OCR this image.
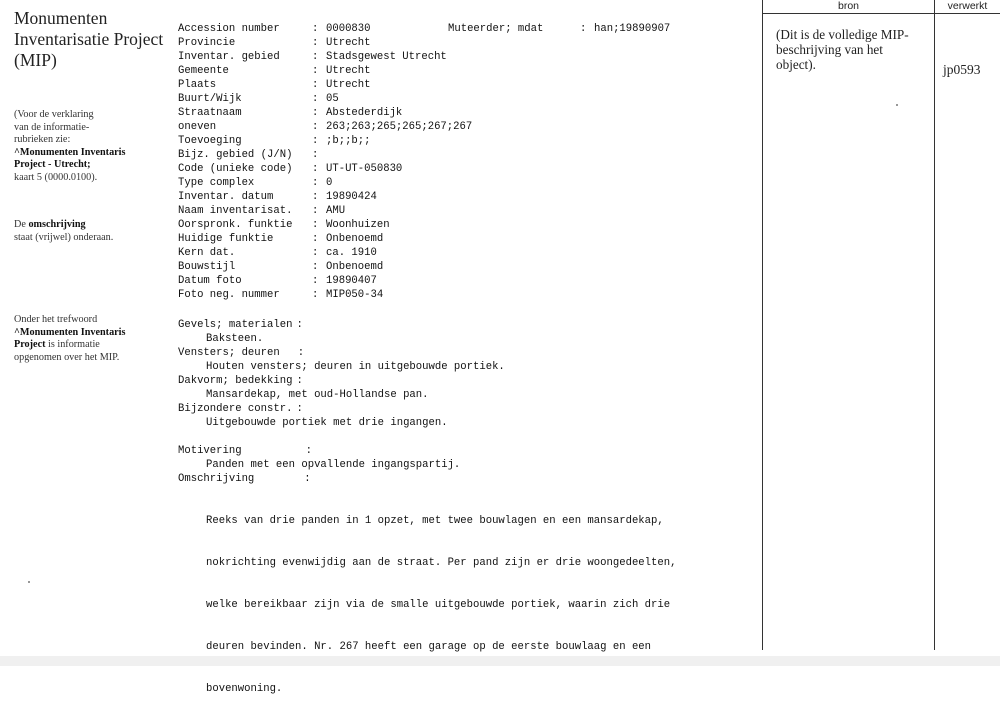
Monumenten Inventarisatie Project (MIP)
(Voor de verklaring
van de informatie-
rubrieken zie:
^Monumenten Inventaris
Project - Utrecht;
kaart 5 (0000.0100).
De omschrijving
staat (vrijwel) onderaan.
Onder het trefwoord
^Monumenten Inventaris
Project is informatie
opgenomen over het MIP.
Accession number	: 0000830
Provincie	: Utrecht
Inventar. gebied	: Stadsgewest Utrecht
Gemeente	: Utrecht
Plaats	: Utrecht
Buurt/Wijk	: 05
Straatnaam	: Abstederdijk
oneven	: 263;263;265;265;267;267
Toevoeging	: ;b;;b;;
Bijz. gebied (J/N) :
Code (unieke code) : UT-UT-050830
Type complex	: 0
Inventar. datum	: 19890424
Naam inventarisat. : AMU
Oorspronk. funktie : Woonhuizen
Huidige funktie	: Onbenoemd
Kern dat.	: ca. 1910
Bouwstijl	: Onbenoemd
Datum foto	: 19890407
Foto neg. nummer	: MIP050-34
Muteerder; mdat	: han;19890907
Gevels; materialen :
Baksteen.
Vensters; deuren :
Houten vensters; deuren in uitgebouwde portiek.
Dakvorm; bedekking :
Mansardekap, met oud-Hollandse pan.
Bijzondere constr. :
Uitgebouwde portiek met drie ingangen.
Motivering	:
Panden met een opvallende ingangspartij.
Omschrijving	:

Reeks van drie panden in 1 opzet, met twee bouwlagen en een mansardekap,

nokrichting evenwijdig aan de straat. Per pand zijn er drie woongedeelten,

welke bereikbaar zijn via de smalle uitgebouwde portiek, waarin zich drie

deuren bevinden. Nr. 267 heeft een garage op de eerste bouwlaag en een

bovenwoning.

bron	verwerkt
(Dit is de volledige MIP-beschrijving van het object).	jp0593
